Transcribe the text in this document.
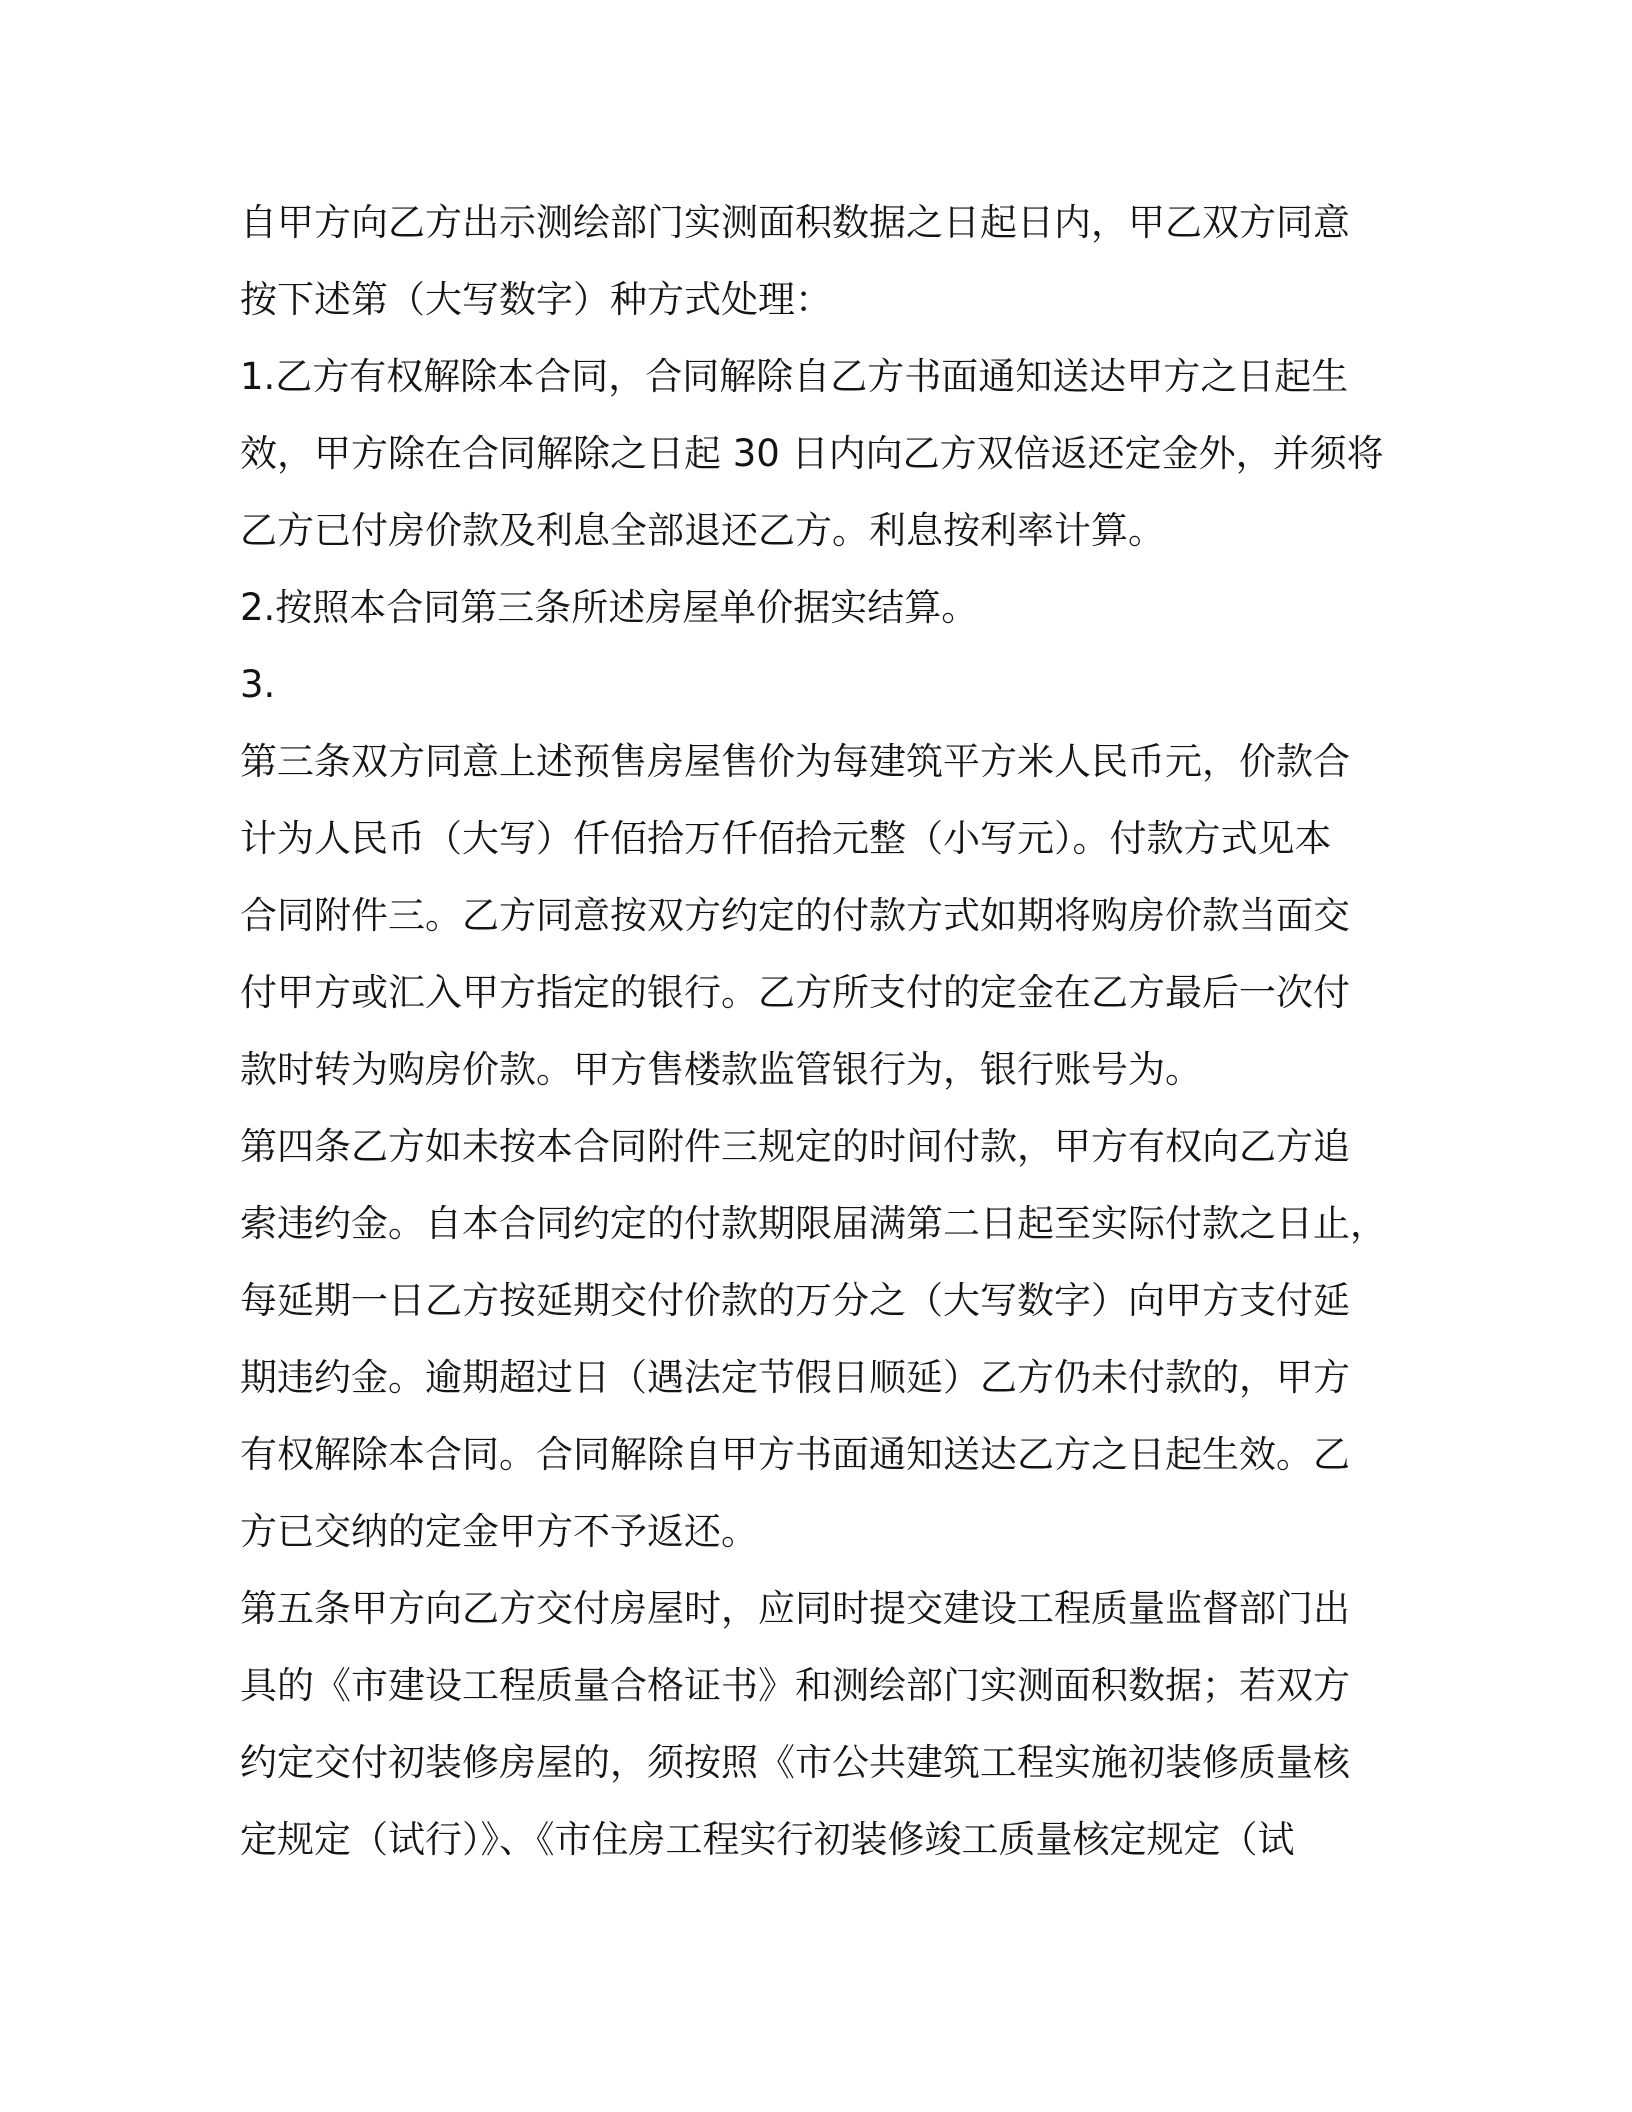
自甲方向乙方出示测绘部门实测面积数据之日起日内，甲乙双方同意
按下述第（大写数字）种方式处理：
1.乙方有权解除本合同，合同解除自乙方书面通知送达甲方之日起生
效，甲方除在合同解除之日起 30 日内向乙方双倍返还定金外，并须将
乙方已付房价款及利息全部退还乙方。利息按利率计算。
2.按照本合同第三条所述房屋单价据实结算。
3.
第三条双方同意上述预售房屋售价为每建筑平方米人民币元，价款合
计为人民币（大写）仟佰拾万仟佰拾元整（小写元）。付款方式见本
合同附件三。乙方同意按双方约定的付款方式如期将购房价款当面交
付甲方或汇入甲方指定的银行。乙方所支付的定金在乙方最后一次付
款时转为购房价款。甲方售楼款监管银行为，银行账号为。
第四条乙方如未按本合同附件三规定的时间付款，甲方有权向乙方追
索违约金。自本合同约定的付款期限届满第二日起至实际付款之日止，
每延期一日乙方按延期交付价款的万分之（大写数字）向甲方支付延
期违约金。逾期超过日（遇法定节假日顺延）乙方仍未付款的，甲方
有权解除本合同。合同解除自甲方书面通知送达乙方之日起生效。乙
方已交纳的定金甲方不予返还。
第五条甲方向乙方交付房屋时，应同时提交建设工程质量监督部门出
具的《市建设工程质量合格证书》和测绘部门实测面积数据；若双方
约定交付初装修房屋的，须按照《市公共建筑工程实施初装修质量核
定规定（试行）》、《市住房工程实行初装修竣工质量核定规定（试
